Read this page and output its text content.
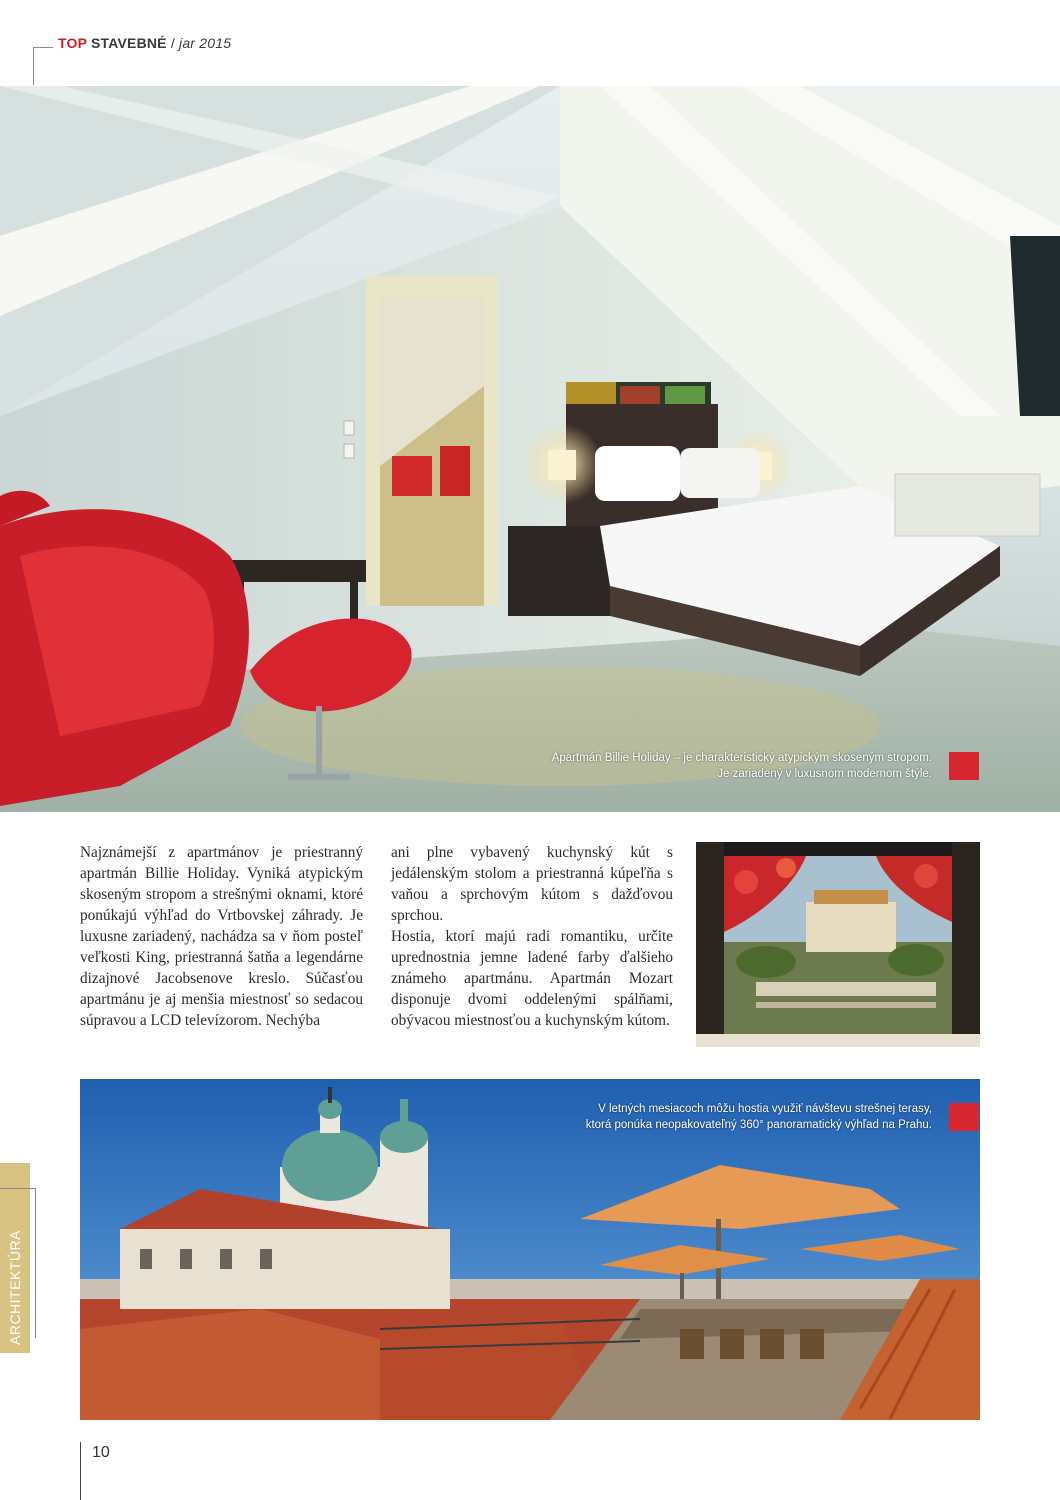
TOP STAVEBNÉ / jar 2015
Apartmán Billie Holiday – je charakteristický atypickým skoseným stropom.
Je zariadený v luxusnom modernom štýle.

Najznámejší z apartmánov je priestranný apartmán Billie Holiday. Vyniká atypickým skoseným stropom a strešnými oknami, ktoré ponúkajú výhľad do Vrtbovskej záhrady. Je luxusne zariadený, nachádza sa v ňom posteľ veľkosti King, priestranná šatňa a legendárne dizajnové Jacobsenove kreslo. Súčasťou apartmánu je aj menšia miestnosť so sedacou súpravou a LCD televízorom. Nechýba

ani plne vybavený kuchynský kút s jedálenským stolom a priestranná kúpeľňa s vaňou a sprchovým kútom s dažďovou sprchou.

Hostia, ktorí majú radi romantiku, určite uprednostnia jemne ladené farby ďalšieho známeho apartmánu. Apartmán Mozart disponuje dvomi oddelenými spálňami, obývacou miestnosťou a kuchynským kútom.

V letných mesiacoch môžu hostia využiť návštevu strešnej terasy,
ktorá ponúka neopakovateľný 360° panoramatický výhľad na Prahu.
ARCHITEKTÚRA
10
